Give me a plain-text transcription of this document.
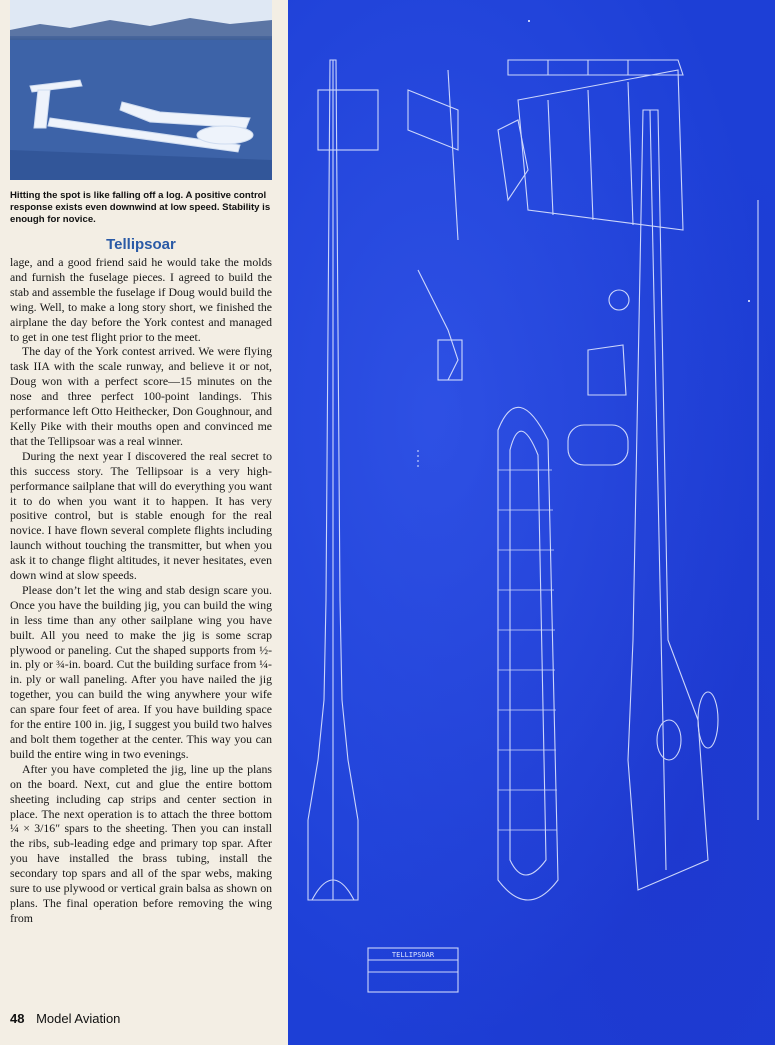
Hitting the spot is like falling off a log. A positive control response exists even downwind at low speed. Stability is enough for novice.
Tellipsoar

lage, and a good friend said he would take the molds and furnish the fuselage pieces. I agreed to build the stab and assemble the fuselage if Doug would build the wing. Well, to make a long story short, we finished the airplane the day before the York contest and managed to get in one test flight prior to the meet.

The day of the York contest arrived. We were flying task IIA with the scale runway, and believe it or not, Doug won with a perfect score—15 minutes on the nose and three perfect 100-point landings. This performance left Otto Heithecker, Don Goughnour, and Kelly Pike with their mouths open and convinced me that the Tellipsoar was a real winner.

During the next year I discovered the real secret to this success story. The Tellipsoar is a very high-performance sailplane that will do everything you want it to do when you want it to happen. It has very positive control, but is stable enough for the real novice. I have flown several complete flights including launch without touching the transmitter, but when you ask it to change flight altitudes, it never hesitates, even down wind at slow speeds.

Please don’t let the wing and stab design scare you. Once you have the building jig, you can build the wing in less time than any other sailplane wing you have built. All you need to make the jig is some scrap plywood or paneling. Cut the shaped supports from ½-in. ply or ¾-in. board. Cut the building surface from ¼-in. ply or wall paneling. After you have nailed the jig together, you can build the wing anywhere your wife can spare four feet of area. If you have building space for the entire 100 in. jig, I suggest you build two halves and bolt them together at the center. This way you can build the entire wing in two evenings.

After you have completed the jig, line up the plans on the board. Next, cut and glue the entire bottom sheeting including cap strips and center section in place. The next operation is to attach the three bottom ¼ × 3/16″ spars to the sheeting. Then you can install the ribs, sub-leading edge and primary top spar. After you have installed the brass tubing, install the secondary top spars and all of the spar webs, making sure to use plywood or vertical grain balsa as shown on plans. The final operation before removing the wing from

48 Model Aviation
TELLIPSOAR
